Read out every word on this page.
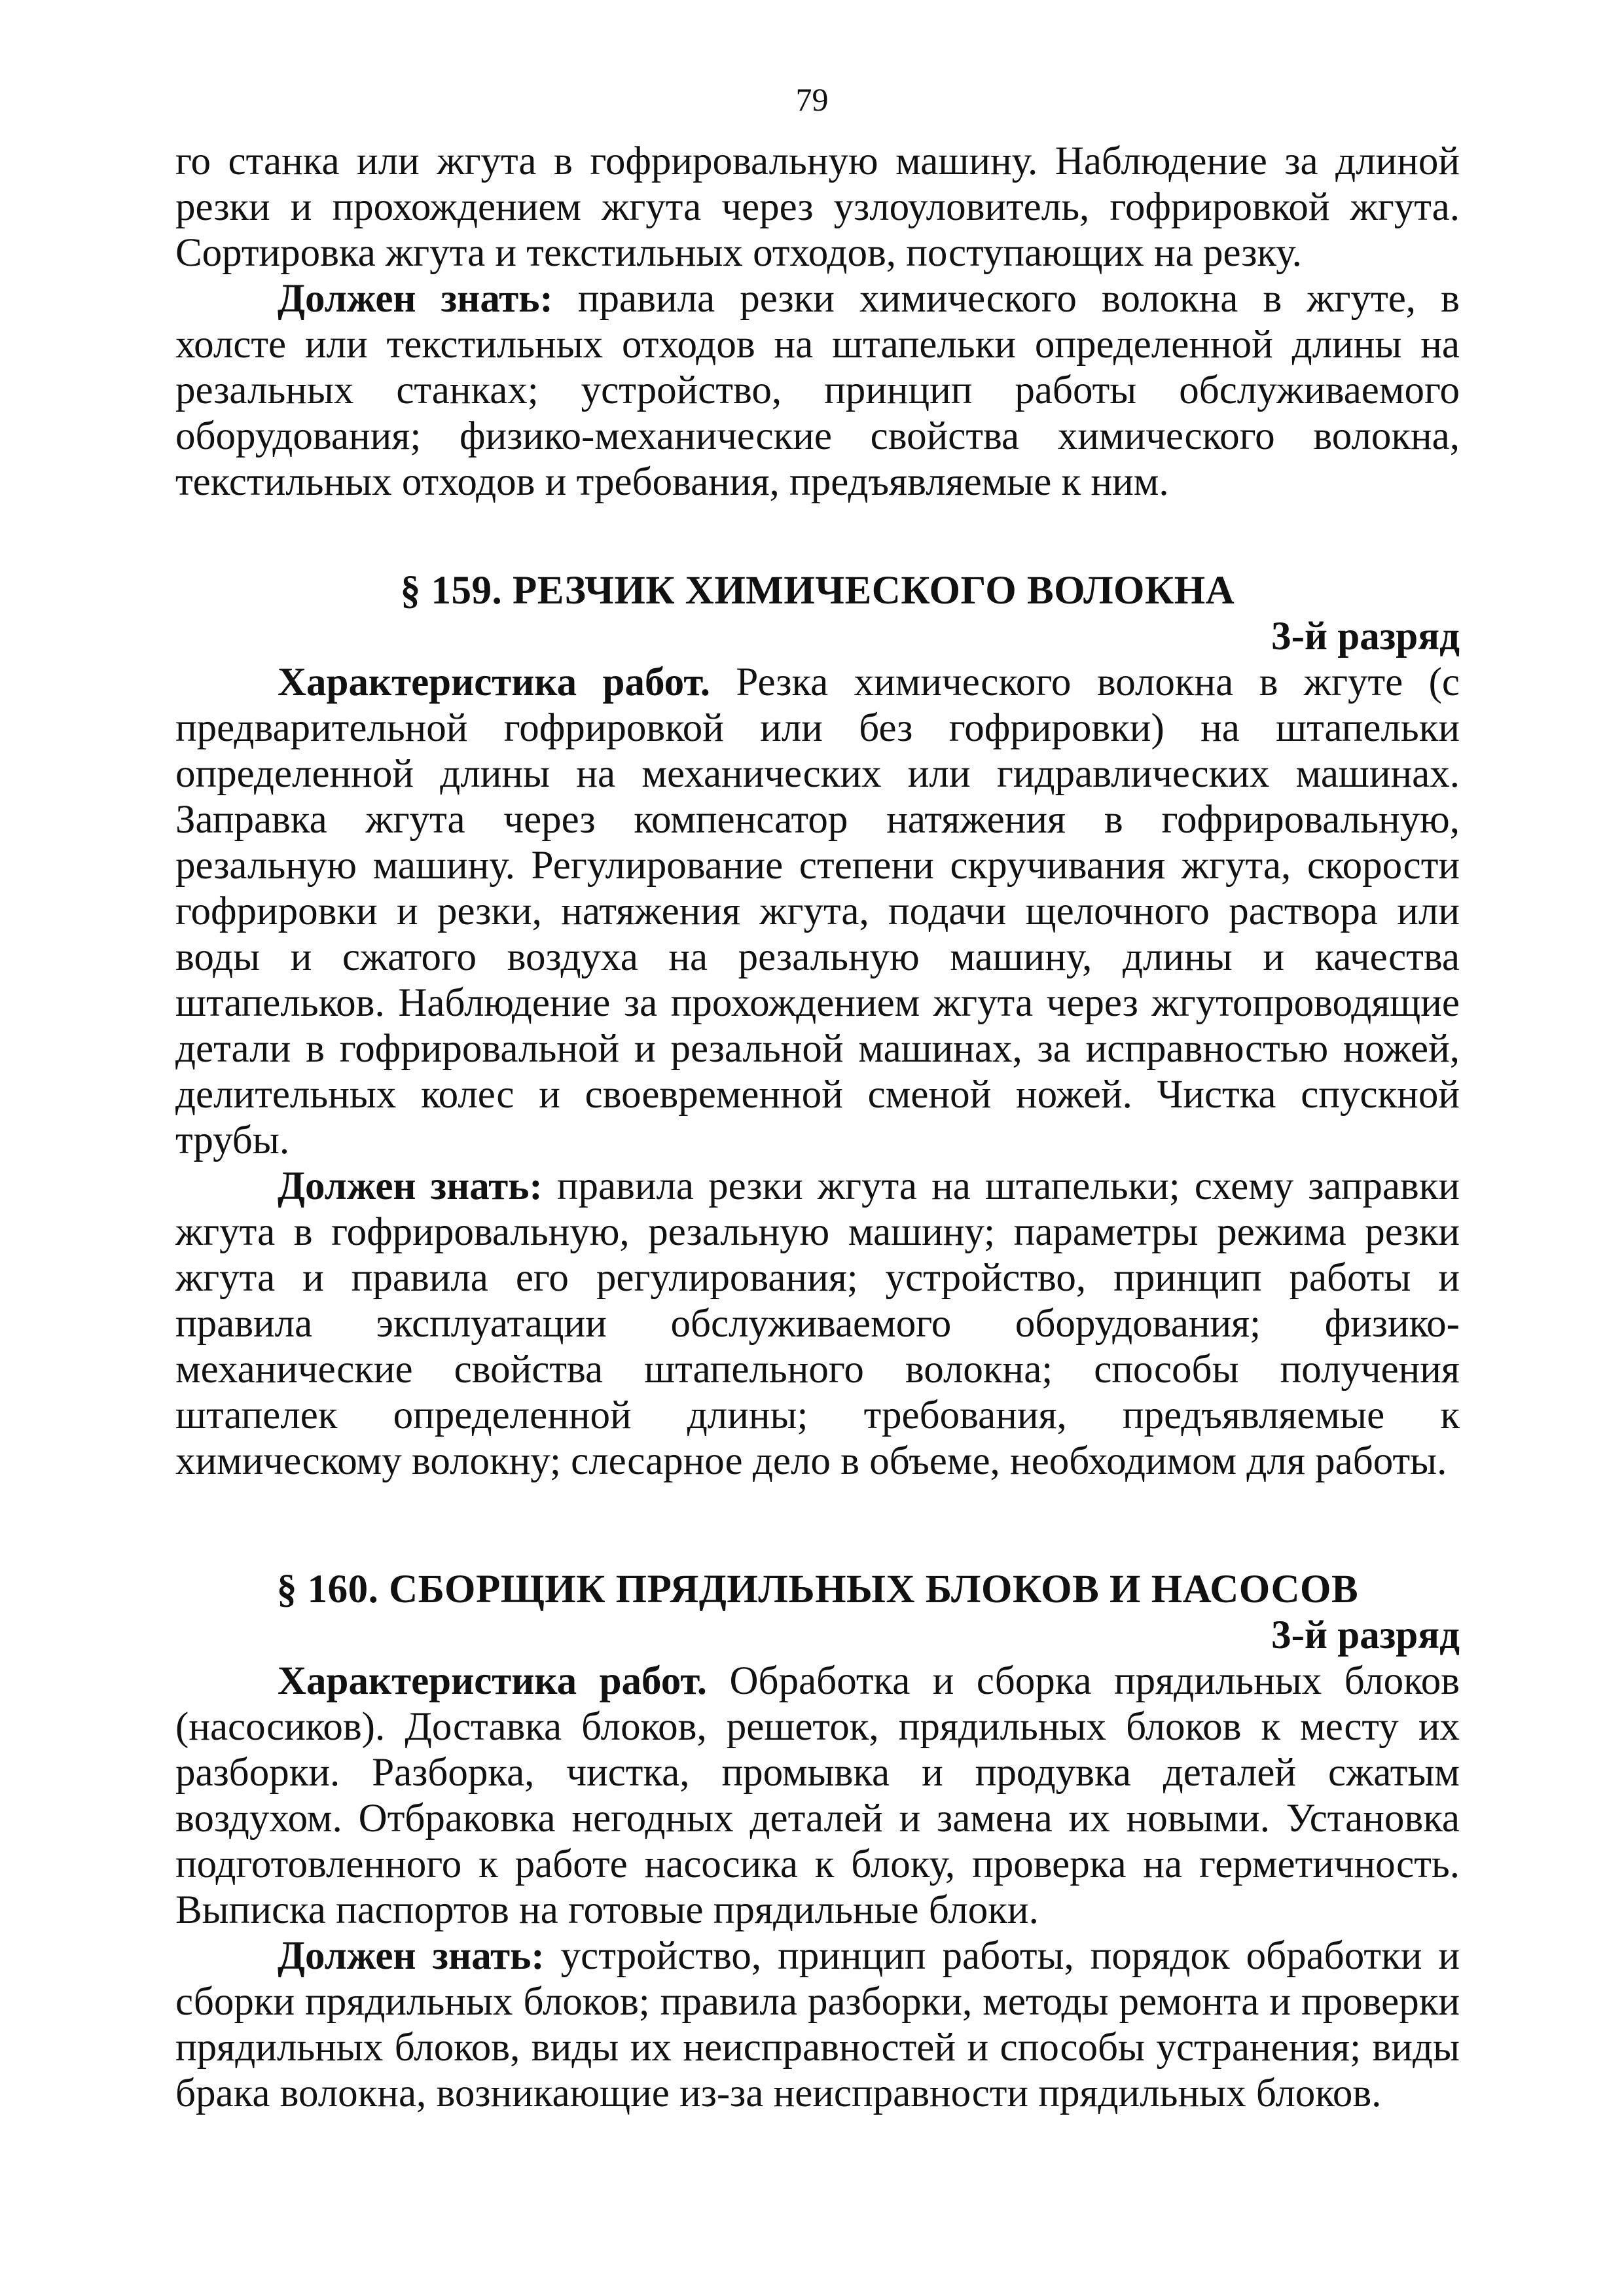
79

го станка или жгута в гофрировальную машину. Наблюдение за длиной резки и прохождением жгута через узлоуловитель, гофрировкой жгута. Сортировка жгута и текстильных отходов, поступающих на резку.

Должен знать: правила резки химического волокна в жгуте, в холсте или текстильных отходов на штапельки определенной длины на резальных станках; устройство, принцип работы обслуживаемого оборудования; физико-механические свойства химического волокна, текстильных отходов и требования, предъявляемые к ним.

§ 159. РЕЗЧИК ХИМИЧЕСКОГО ВОЛОКНА
3-й разряд

Характеристика работ. Резка химического волокна в жгуте (с предварительной гофрировкой или без гофрировки) на штапельки определенной длины на механических или гидравлических машинах. Заправка жгута через компенсатор натяжения в гофрировальную, резальную машину. Регулирование степени скручивания жгута, скорости гофрировки и резки, натяжения жгута, подачи щелочного раствора или воды и сжатого воздуха на резальную машину, длины и качества штапельков. Наблюдение за прохождением жгута через жгутопроводящие детали в гофрировальной и резальной машинах, за исправностью ножей, делительных колес и своевременной сменой ножей. Чистка спускной трубы.

Должен знать: правила резки жгута на штапельки; схему заправки жгута в гофрировальную, резальную машину; параметры режима резки жгута и правила его регулирования; устройство, принцип работы и правила эксплуатации обслуживаемого оборудования; физико-механические свойства штапельного волокна; способы получения штапелек определенной длины; требования, предъявляемые к химическому волокну; слесарное дело в объеме, необходимом для работы.

§ 160. СБОРЩИК ПРЯДИЛЬНЫХ БЛОКОВ И НАСОСОВ
3-й разряд

Характеристика работ. Обработка и сборка прядильных блоков (насосиков). Доставка блоков, решеток, прядильных блоков к месту их разборки. Разборка, чистка, промывка и продувка деталей сжатым воздухом. Отбраковка негодных деталей и замена их новыми. Установка подготовленного к работе насосика к блоку, проверка на герметичность. Выписка паспортов на готовые прядильные блоки.

Должен знать: устройство, принцип работы, порядок обработки и сборки прядильных блоков; правила разборки, методы ремонта и проверки прядильных блоков, виды их неисправностей и способы устранения; виды брака волокна, возникающие из-за неисправности прядильных блоков.
